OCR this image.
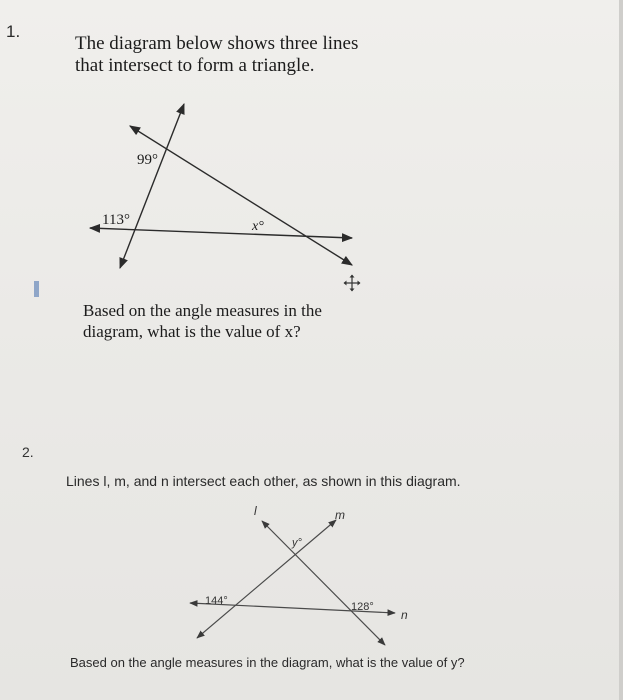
1.
The diagram below shows three lines
that intersect to form a triangle.
99°
113°	x°
Based on the angle measures in the
diagram, what is the value of x?
2.
Lines l, m, and n intersect each other, as shown in this diagram.
l	m
n
y°
144°	128°
Based on the angle measures in the diagram, what is the value of y?
